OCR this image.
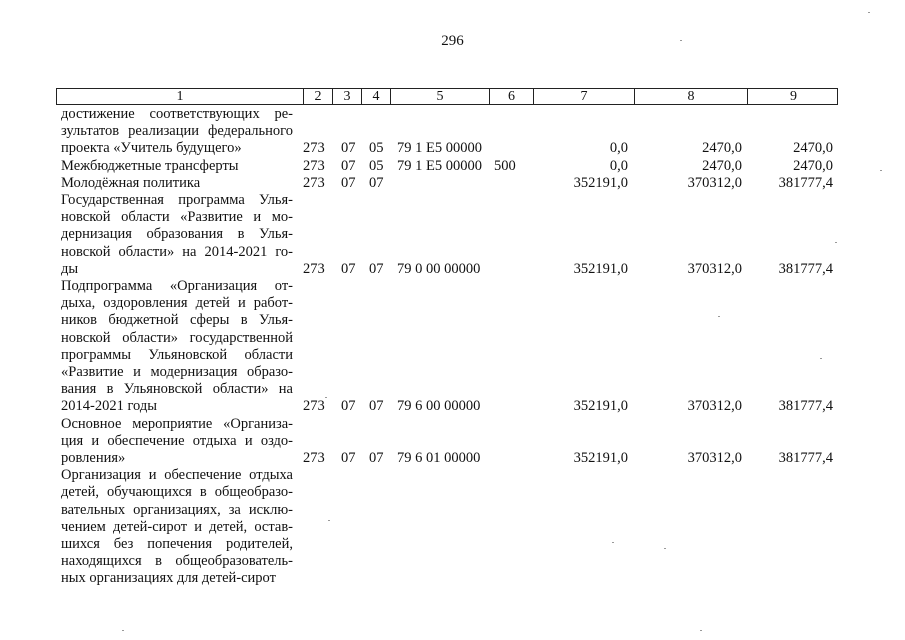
296
1	2	3	4	5	6	7	8	9
достижение соответствующих ре-
зультатов реализации федерального
проекта «Учитель будущего»	273 07 05 79 1 E5 00000	0,0	2470,0	2470,0
Межбюджетные трансферты	273 07 05 79 1 E5 00000 500	0,0	2470,0	2470,0
Молодёжная политика	273 07 07	352191,0	370312,0	381777,4
Государственная программа Улья-
новской области «Развитие и мо-
дернизация образования в Улья-
новской области» на 2014-2021 го-
ды	273 07 07 79 0 00 00000	352191,0	370312,0	381777,4
Подпрограмма «Организация от-
дыха, оздоровления детей и работ-
ников бюджетной сферы в Улья-
новской области» государственной
программы Ульяновской области
«Развитие и модернизация образо-
вания в Ульяновской области» на
2014-2021 годы	273 07 07 79 6 00 00000	352191,0	370312,0	381777,4
Основное мероприятие «Организа-
ция и обеспечение отдыха и оздо-
ровления»	273 07 07 79 6 01 00000	352191,0	370312,0	381777,4
Организация и обеспечение отдыха
детей, обучающихся в общеобразо-
вательных организациях, за исклю-
чением детей-сирот и детей, остав-
шихся без попечения родителей,
находящихся в общеобразователь-
ных организациях для детей-сирот
